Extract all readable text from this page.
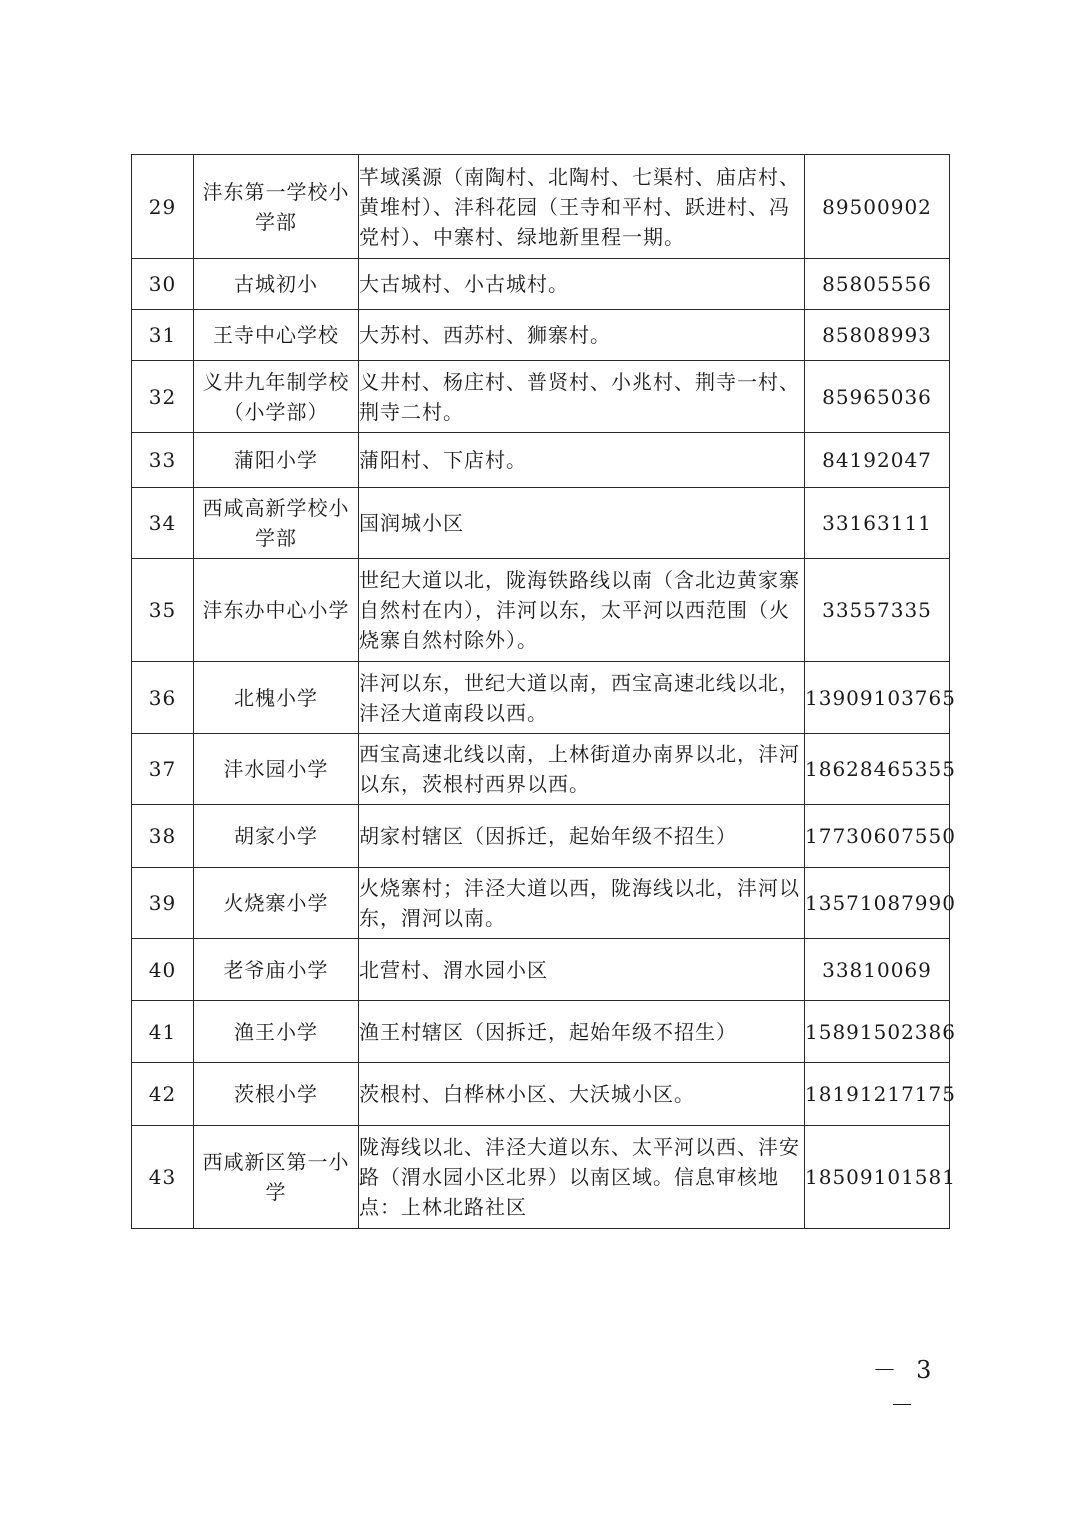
29	沣东第一学校小学部	芊域溪源（南陶村、北陶村、七渠村、庙店村、黄堆村）、沣科花园（王寺和平村、跃进村、冯党村）、中寨村、绿地新里程一期。	89500902
30	古城初小	大古城村、小古城村。	85805556
31	王寺中心学校	大苏村、西苏村、狮寨村。	85808993
32	义井九年制学校（小学部）	义井村、杨庄村、普贤村、小兆村、荆寺一村、荆寺二村。	85965036
33	蒲阳小学	蒲阳村、下店村。	84192047
34	西咸高新学校小学部	国润城小区	33163111
35	沣东办中心小学	世纪大道以北，陇海铁路线以南（含北边黄家寨自然村在内），沣河以东，太平河以西范围（火烧寨自然村除外）。	33557335
36	北槐小学	沣河以东，世纪大道以南，西宝高速北线以北，沣泾大道南段以西。	13909103765
37	沣水园小学	西宝高速北线以南，上林街道办南界以北，沣河以东，茨根村西界以西。	18628465355
38	胡家小学	胡家村辖区（因拆迁，起始年级不招生）	17730607550
39	火烧寨小学	火烧寨村；沣泾大道以西，陇海线以北，沣河以东，渭河以南。	13571087990
40	老爷庙小学	北营村、渭水园小区	33810069
41	渔王小学	渔王村辖区（因拆迁，起始年级不招生）	15891502386
42	茨根小学	茨根村、白桦林小区、大沃城小区。	18191217175
43	西咸新区第一小学	陇海线以北、沣泾大道以东、太平河以西、沣安路（渭水园小区北界）以南区域。信息审核地点：上林北路社区	18509101581
－ 3 －
